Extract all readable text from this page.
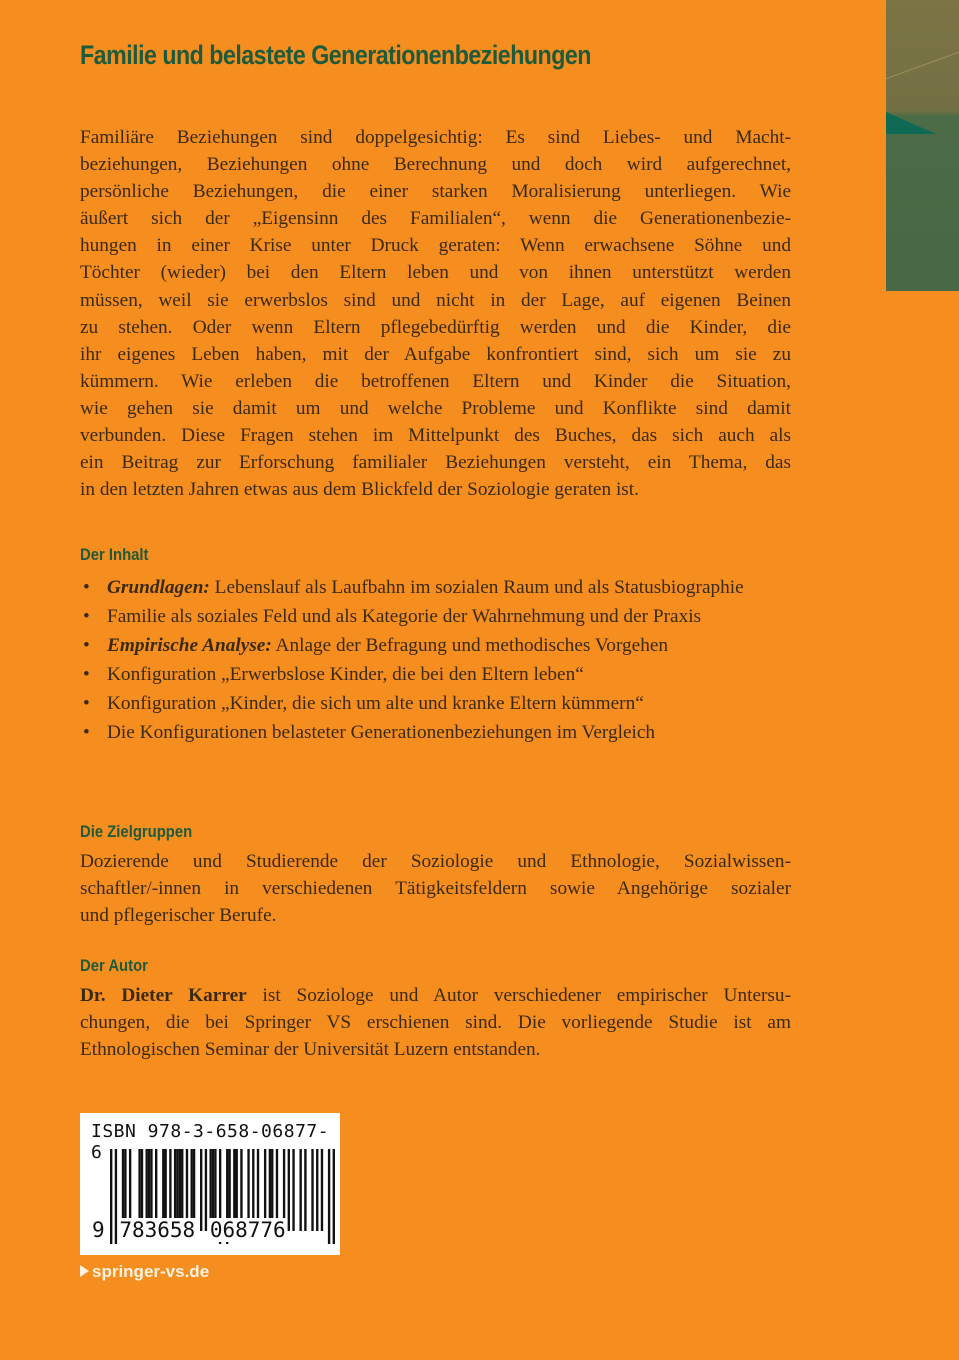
Familie und belastete Generationenbeziehungen
Familiäre Beziehungen sind doppelgesichtig: Es sind Liebes- und Macht-
beziehungen, Beziehungen ohne Berechnung und doch wird aufgerechnet,
persönliche Beziehungen, die einer starken Moralisierung unterliegen. Wie
äußert sich der „Eigensinn des Familialen“, wenn die Generationenbezie-
hungen in einer Krise unter Druck geraten: Wenn erwachsene Söhne und
Töchter (wieder) bei den Eltern leben und von ihnen unterstützt werden
müssen, weil sie erwerbslos sind und nicht in der Lage, auf eigenen Beinen
zu stehen. Oder wenn Eltern pflegebedürftig werden und die Kinder, die
ihr eigenes Leben haben, mit der Aufgabe konfrontiert sind, sich um sie zu
kümmern. Wie erleben die betroffenen Eltern und Kinder die Situation,
wie gehen sie damit um und welche Probleme und Konflikte sind damit
verbunden. Diese Fragen stehen im Mittelpunkt des Buches, das sich auch als
ein Beitrag zur Erforschung familialer Beziehungen versteht, ein Thema, das
in den letzten Jahren etwas aus dem Blickfeld der Soziologie geraten ist.
Der Inhalt
• Grundlagen: Lebenslauf als Laufbahn im sozialen Raum und als Statusbiographie
• Familie als soziales Feld und als Kategorie der Wahrnehmung und der Praxis
• Empirische Analyse: Anlage der Befragung und methodisches Vorgehen
• Konfiguration „Erwerbslose Kinder, die bei den Eltern leben“
• Konfiguration „Kinder, die sich um alte und kranke Eltern kümmern“
• Die Konfigurationen belasteter Generationenbeziehungen im Vergleich
Die Zielgruppen
Dozierende und Studierende der Soziologie und Ethnologie, Sozialwissen-
schaftler/-innen in verschiedenen Tätigkeitsfeldern sowie Angehörige sozialer
und pflegerischer Berufe.
Der Autor
Dr. Dieter Karrer ist Soziologe und Autor verschiedener empirischer Untersu-
chungen, die bei Springer VS erschienen sind. Die vorliegende Studie ist am
Ethnologischen Seminar der Universität Luzern entstanden.
ISBN 978-3-658-06877-6
9 783658 068776
springer-vs.de
